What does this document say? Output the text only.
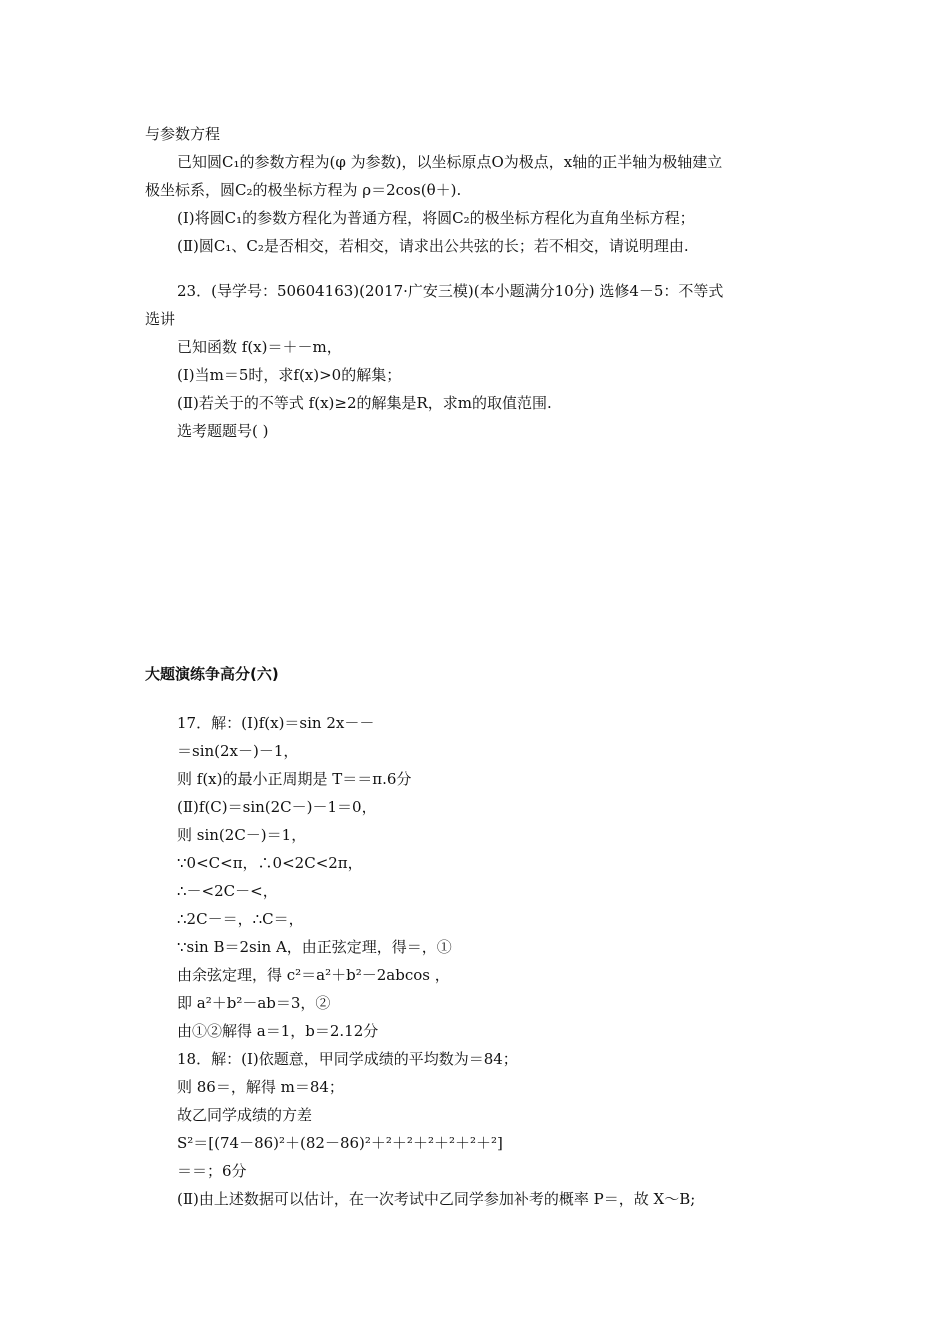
与参数方程
已知圆C₁的参数方程为(φ 为参数)，以坐标原点O为极点，x轴的正半轴为极轴建立
极坐标系，圆C₂的极坐标方程为 ρ＝2cos(θ＋).
(Ⅰ)将圆C₁的参数方程化为普通方程，将圆C₂的极坐标方程化为直角坐标方程；
(Ⅱ)圆C₁、C₂是否相交，若相交，请求出公共弦的长；若不相交，请说明理由.
23．(导学号：50604163)(2017·广安三模)(本小题满分10分) 选修4－5：不等式
选讲
已知函数 f(x)＝＋－m，
(Ⅰ)当m＝5时，求f(x)>0的解集；
(Ⅱ)若关于的不等式 f(x)≥2的解集是R，求m的取值范围.
选考题题号( )
大题演练争高分(六)
17．解：(Ⅰ)f(x)＝sin 2x－－
＝sin(2x－)－1，
则 f(x)的最小正周期是 T＝＝π.6分
(Ⅱ)f(C)＝sin(2C－)－1＝0，
则 sin(2C－)＝1，
∵0<C<π，∴0<2C<2π，
∴－<2C－<，
∴2C－＝，∴C＝，
∵sin B＝2sin A，由正弦定理，得＝，①
由余弦定理，得 c²＝a²＋b²－2abcos ，
即 a²＋b²－ab＝3，②
由①②解得 a＝1，b＝2.12分
18．解：(Ⅰ)依题意，甲同学成绩的平均数为＝84；
则 86＝，解得 m＝84；
故乙同学成绩的方差
S²＝[(74－86)²＋(82－86)²＋²＋²＋²＋²＋²＋²]
＝＝；6分
(Ⅱ)由上述数据可以估计，在一次考试中乙同学参加补考的概率 P＝，故 X～B;
